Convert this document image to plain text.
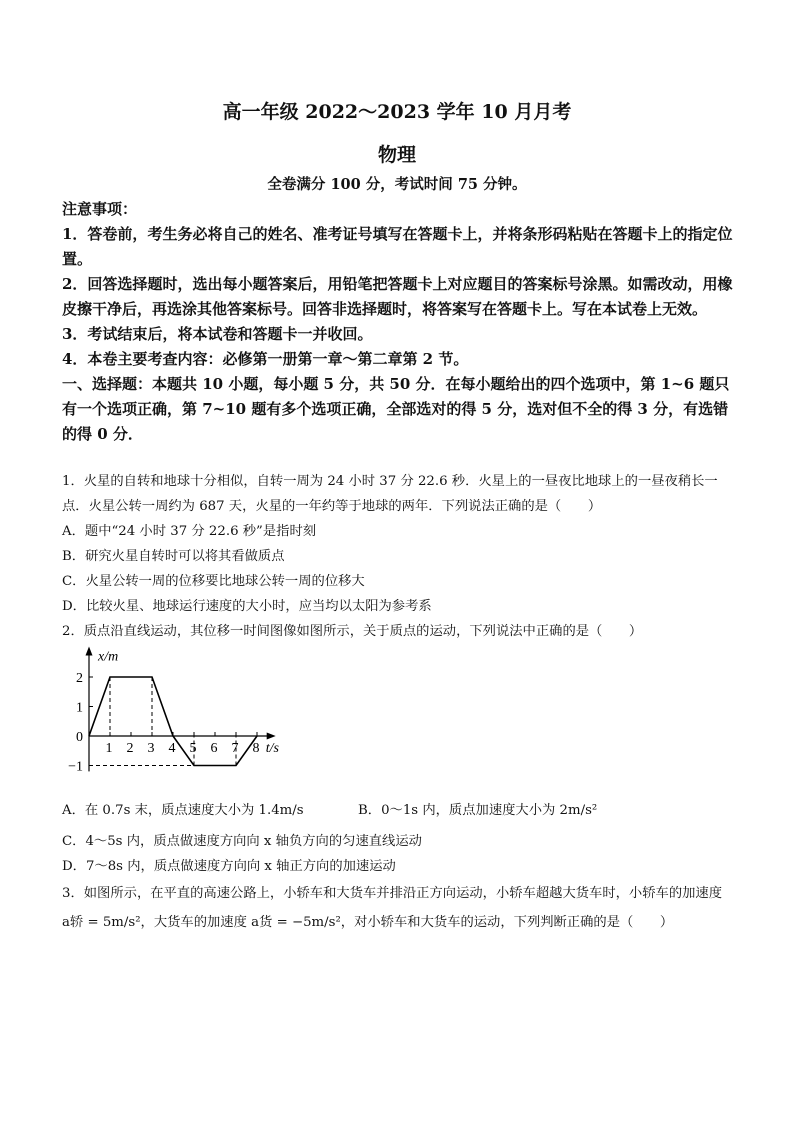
高一年级 2022～2023 学年 10 月月考
物理
全卷满分 100 分，考试时间 75 分钟。

注意事项：

1．答卷前，考生务必将自己的姓名、准考证号填写在答题卡上，并将条形码粘贴在答题卡上的指定位置。

2．回答选择题时，选出每小题答案后，用铅笔把答题卡上对应题目的答案标号涂黑。如需改动，用橡皮擦干净后，再选涂其他答案标号。回答非选择题时，将答案写在答题卡上。写在本试卷上无效。

3．考试结束后，将本试卷和答题卡一并收回。

4．本卷主要考查内容：必修第一册第一章～第二章第 2 节。

一、选择题：本题共 10 小题，每小题 5 分，共 50 分．在每小题给出的四个选项中，第 1~6 题只有一个选项正确，第 7~10 题有多个选项正确，全部选对的得 5 分，选对但不全的得 3 分，有选错的得 0 分．

1．火星的自转和地球十分相似，自转一周为 24 小时 37 分 22.6 秒．火星上的一昼夜比地球上的一昼夜稍长一点．火星公转一周约为 687 天，火星的一年约等于地球的两年．下列说法正确的是（　　）

A．题中“24 小时 37 分 22.6 秒”是指时刻

B．研究火星自转时可以将其看做质点

C．火星公转一周的位移要比地球公转一周的位移大

D．比较火星、地球运行速度的大小时，应当均以太阳为参考系

2．质点沿直线运动，其位移一时间图像如图所示，关于质点的运动，下列说法中正确的是（　　）

x/m
t/s
2
1
0
−1
1 2 3 4 5 6 7 8
A．在 0.7s 末，质点速度大小为 1.4m/s	B．0～1s 内，质点加速度大小为 2m/s²

C．4～5s 内，质点做速度方向向 x 轴负方向的匀速直线运动

D．7～8s 内，质点做速度方向向 x 轴正方向的加速运动

3．如图所示，在平直的高速公路上，小轿车和大货车并排沿正方向运动，小轿车超越大货车时，小轿车的加速度 a轿 = 5m/s²，大货车的加速度 a货 = −5m/s²，对小轿车和大货车的运动，下列判断正确的是（　　）
